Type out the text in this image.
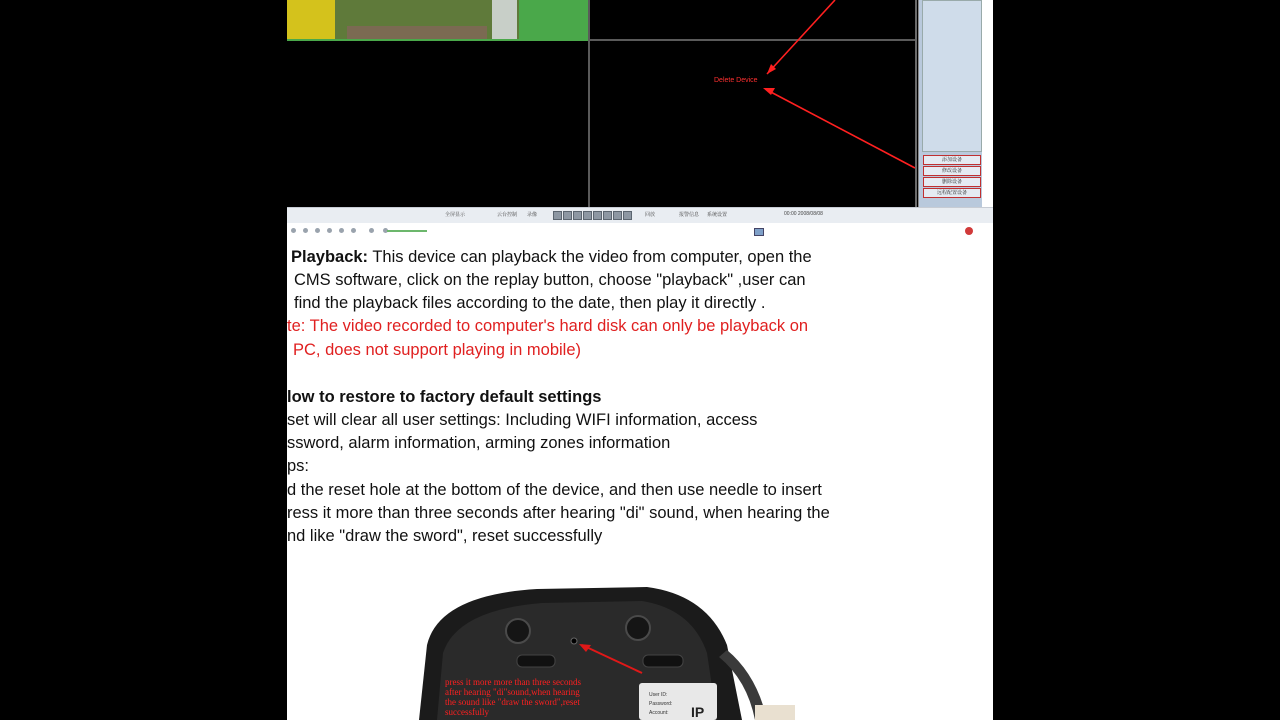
Delete Device
添加设备
修改设备
删除设备
远程配置设备
全屏显示	云台控制 录像	回放	报警信息 系统设置	00:00 2008/08/08
Playback: This device can playback the video from computer, open the
CMS software, click on the replay button, choose "playback" ,user can
find the playback files according to the date, then play it directly .
te: The video recorded to computer's hard disk can only be playback on
PC, does not support playing in mobile)
low to restore to factory default settings
set will clear all user settings: Including WIFI information, access
ssword, alarm information, arming zones information
ps:
d the reset hole at the bottom of the device, and then use needle to insert
ress it more than three seconds after hearing "di" sound, when hearing the
nd like "draw the sword", reset successfully
press it more more than three seconds
after hearing "di"sound,when hearing
the sound like "draw the sword",reset
successfully	IP
User ID:
Password:
Account:
